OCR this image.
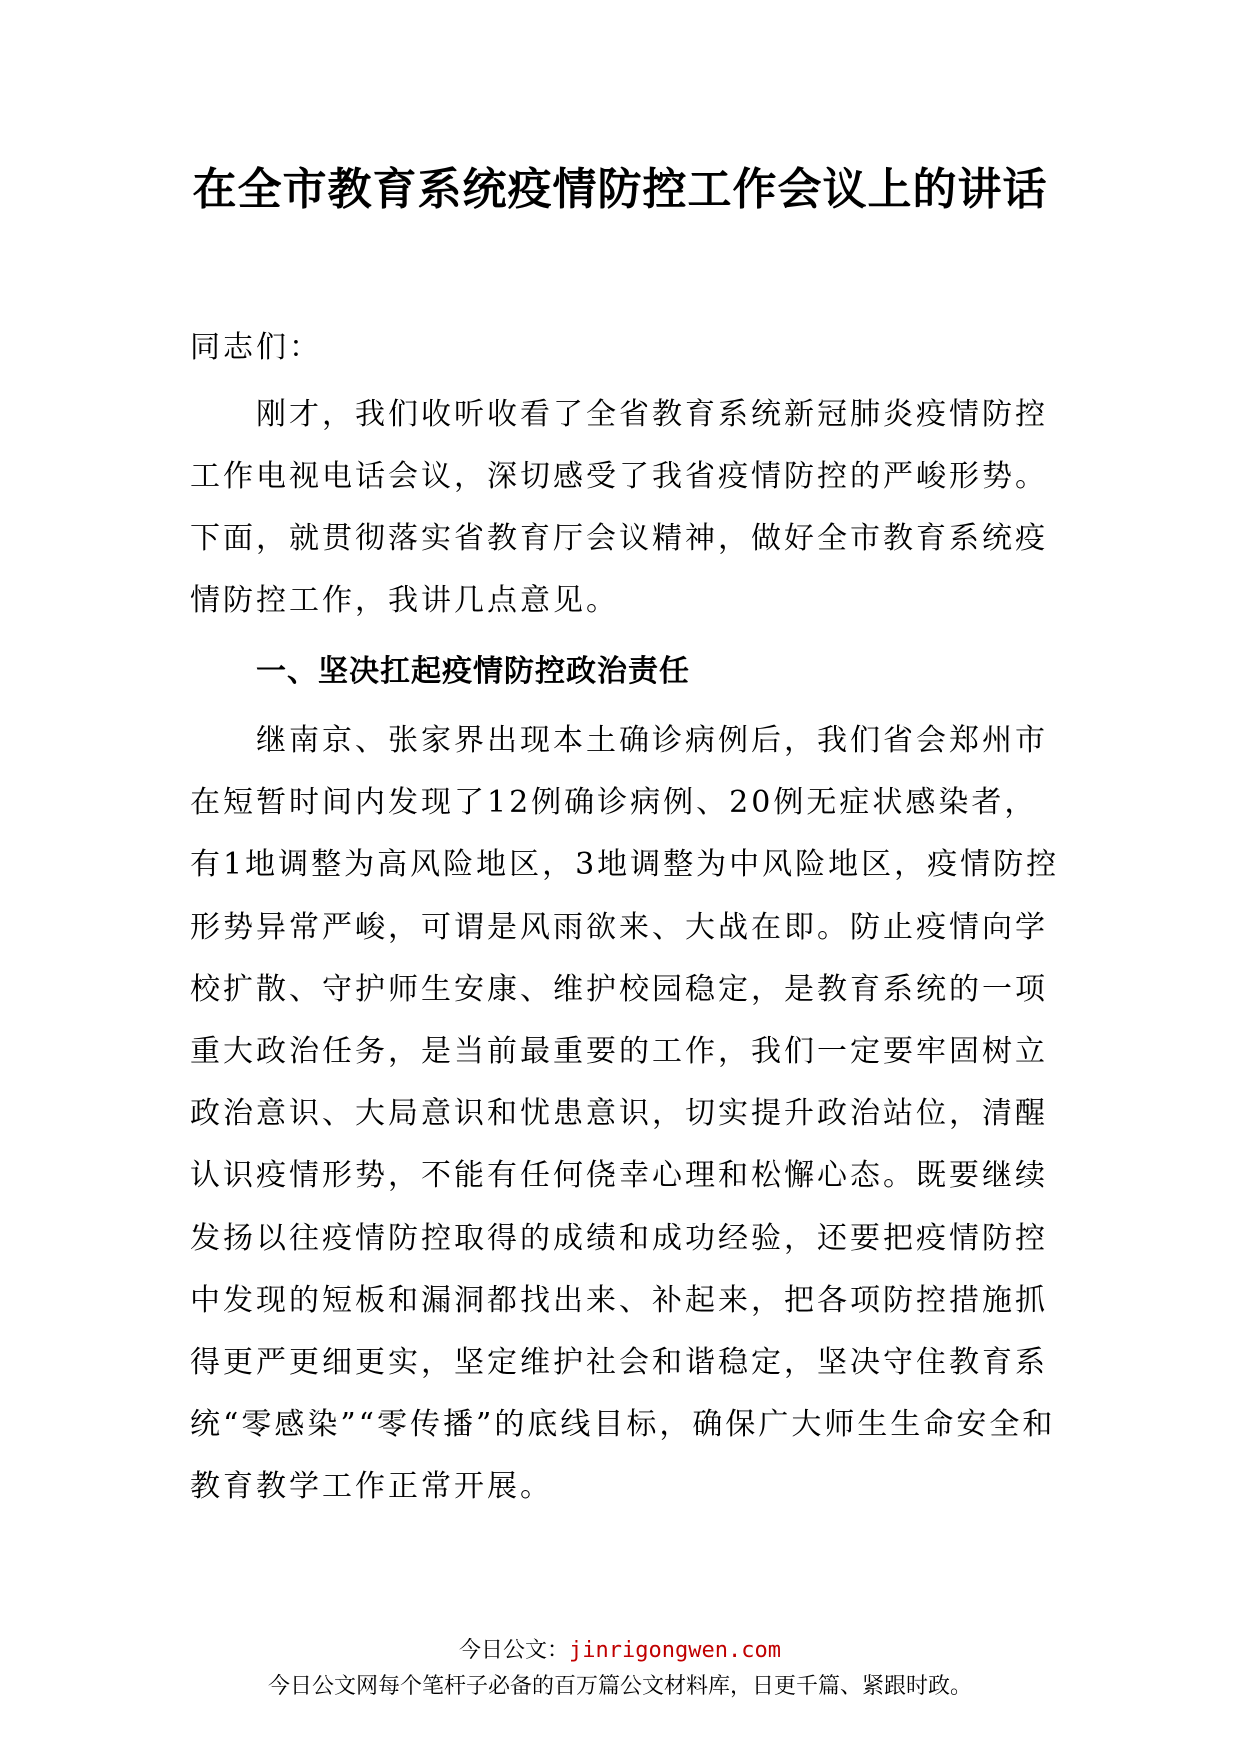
在全市教育系统疫情防控工作会议上的讲话
同志们：
刚才，我们收听收看了全省教育系统新冠肺炎疫情防控工作电视电话会议，深切感受了我省疫情防控的严峻形势。下面，就贯彻落实省教育厅会议精神，做好全市教育系统疫情防控工作，我讲几点意见。
一、坚决扛起疫情防控政治责任
继南京、张家界出现本土确诊病例后，我们省会郑州市在短暂时间内发现了12例确诊病例、20例无症状感染者，有1地调整为高风险地区，3地调整为中风险地区，疫情防控形势异常严峻，可谓是风雨欲来、大战在即。防止疫情向学校扩散、守护师生安康、维护校园稳定，是教育系统的一项重大政治任务，是当前最重要的工作，我们一定要牢固树立政治意识、大局意识和忧患意识，切实提升政治站位，清醒认识疫情形势，不能有任何侥幸心理和松懈心态。既要继续发扬以往疫情防控取得的成绩和成功经验，还要把疫情防控中发现的短板和漏洞都找出来、补起来，把各项防控措施抓得更严更细更实，坚定维护社会和谐稳定，坚决守住教育系统“零感染”“零传播”的底线目标，确保广大师生生命安全和教育教学工作正常开展。
今日公文：jinrigongwen.com
今日公文网每个笔杆子必备的百万篇公文材料库，日更千篇、紧跟时政。
